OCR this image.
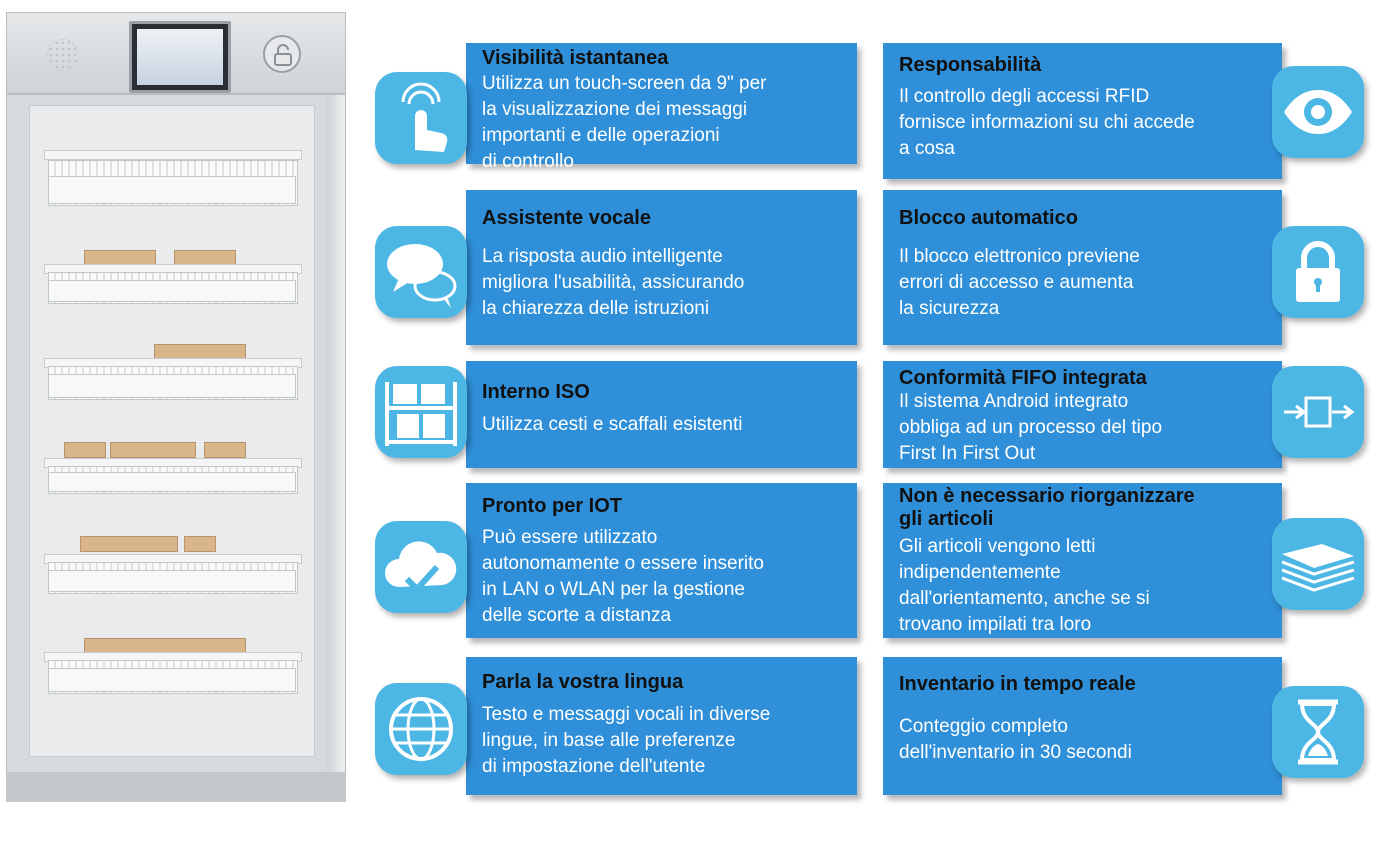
Visibilità istantanea
Utilizza un touch-screen da 9" per
la visualizzazione dei messaggi
importanti e delle operazioni
di controllo
Assistente vocale
La risposta audio intelligente
migliora l'usabilità, assicurando
la chiarezza delle istruzioni
Interno ISO
Utilizza cesti e scaffali esistenti
Pronto per IOT
Può essere utilizzato
autonomamente o essere inserito
in LAN o WLAN per la gestione
delle scorte a distanza
Parla la vostra lingua
Testo e messaggi vocali in diverse
lingue, in base alle preferenze
di impostazione dell'utente
Responsabilità
Il controllo degli accessi RFID
fornisce informazioni su chi accede
a cosa
Blocco automatico
Il blocco elettronico previene
errori di accesso e aumenta
la sicurezza
Conformità FIFO integrata
Il sistema Android integrato
obbliga ad un processo del tipo
First In First Out
Non è necessario riorganizzare
gli articoli
Gli articoli vengono letti
indipendentemente
dall'orientamento, anche se si
trovano impilati tra loro
Inventario in tempo reale
Conteggio completo
dell'inventario in 30 secondi
